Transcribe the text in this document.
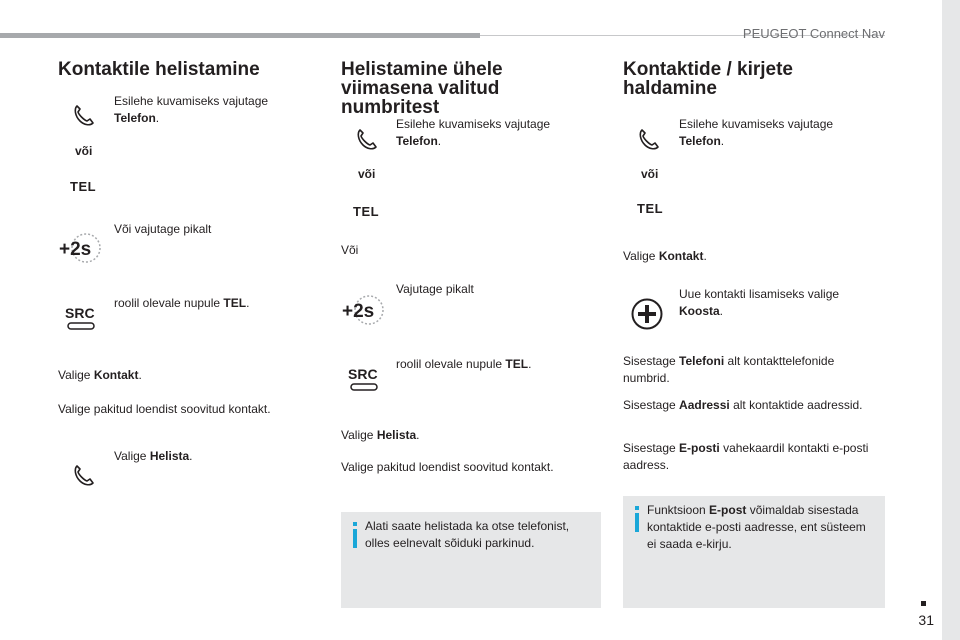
PEUGEOT Connect Nav
31
Kontaktile helistamine
Esilehe kuvamiseks vajutage
Telefon.
või
TEL
+2s
Või vajutage pikalt
SRC
roolil olevale nupule TEL.
Valige Kontakt.
Valige pakitud loendist soovitud kontakt.
Valige Helista.
Helistamine ühele
viimasena valitud
numbritest
Esilehe kuvamiseks vajutage
Telefon.
või
TEL
Või
+2s
Vajutage pikalt
SRC
roolil olevale nupule TEL.
Valige Helista.
Valige pakitud loendist soovitud kontakt.
Alati saate helistada ka otse telefonist,
olles eelnevalt sõiduki parkinud.
Kontaktide / kirjete
haldamine
Esilehe kuvamiseks vajutage
Telefon.
või
TEL
Valige Kontakt.
Uue kontakti lisamiseks valige
Koosta.
Sisestage Telefoni alt kontakttelefonide
numbrid.
Sisestage Aadressi alt kontaktide aadressid.
Sisestage E-posti vahekaardil kontakti e-posti
aadress.
Funktsioon E-post võimaldab sisestada
kontaktide e-posti aadresse, ent süsteem
ei saada e-kirju.
